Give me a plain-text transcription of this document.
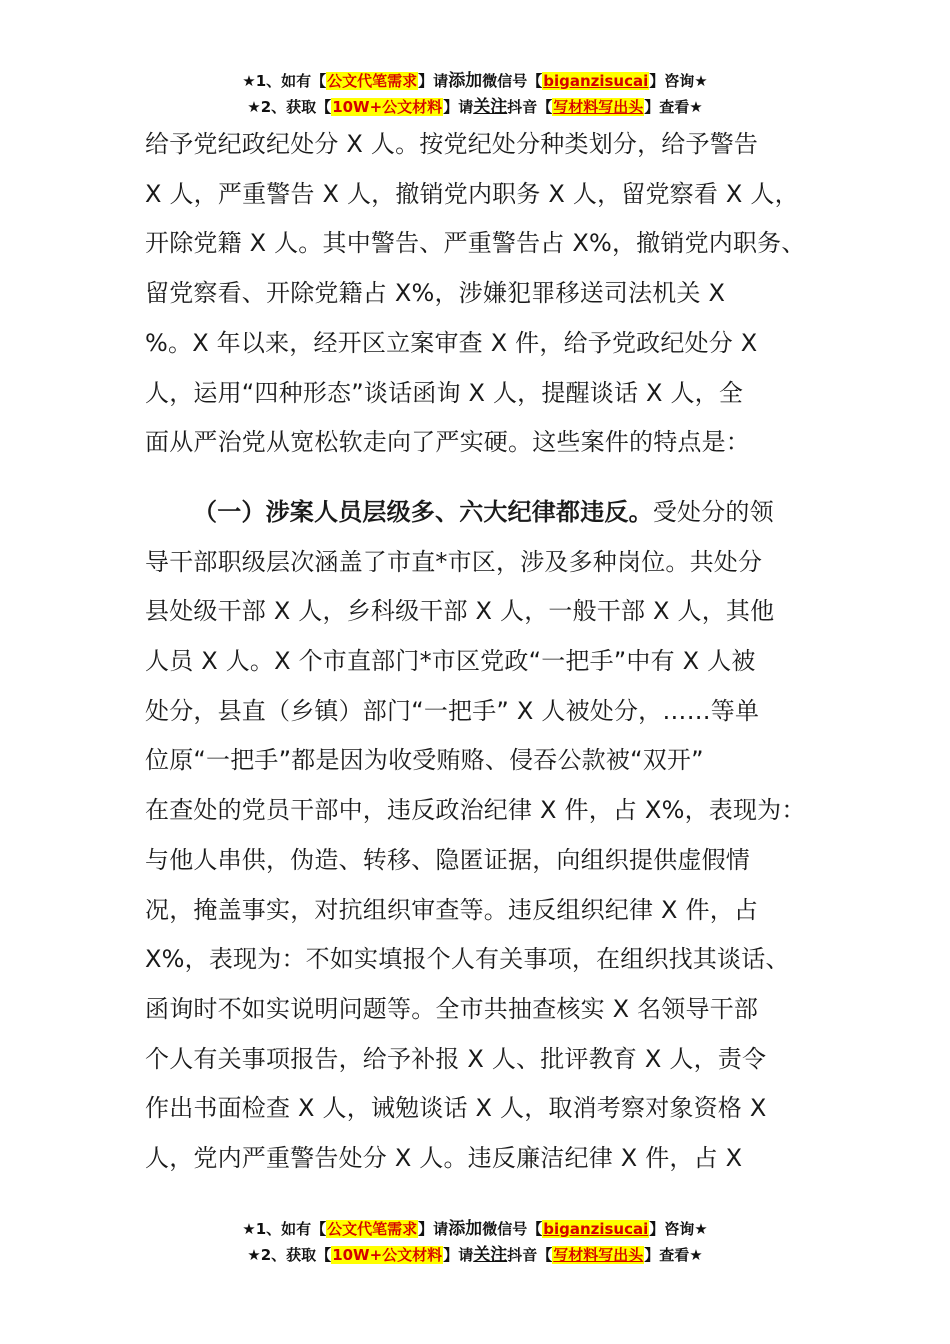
★1、如有【公文代笔需求】请添加微信号【biganzisucai】咨询★
★2、获取【10W+公文材料】请关注抖音【写材料写出头】查看★

给予党纪政纪处分 X 人。按党纪处分种类划分，给予警告
X 人，严重警告 X 人，撤销党内职务 X 人，留党察看 X 人，
开除党籍 X 人。其中警告、严重警告占 X%，撤销党内职务、
留党察看、开除党籍占 X%，涉嫌犯罪移送司法机关 X
%。X 年以来，经开区立案审查 X 件，给予党政纪处分 X
人，运用“四种形态”谈话函询 X 人，提醒谈话 X 人，全
面从严治党从宽松软走向了严实硬。这些案件的特点是：

（一）涉案人员层级多、六大纪律都违反。受处分的领

导干部职级层次涵盖了市直*市区，涉及多种岗位。共处分
县处级干部 X 人，乡科级干部 X 人，一般干部 X 人，其他
人员 X 人。X 个市直部门*市区党政“一把手”中有 X 人被
处分，县直（乡镇）部门“一把手” X 人被处分，……等单
位原“一把手”都是因为收受贿赂、侵吞公款被“双开”
在查处的党员干部中，违反政治纪律 X 件，占 X%，表现为：
与他人串供，伪造、转移、隐匿证据，向组织提供虚假情
况，掩盖事实，对抗组织审查等。违反组织纪律 X 件，占
X%，表现为：不如实填报个人有关事项，在组织找其谈话、
函询时不如实说明问题等。全市共抽查核实 X 名领导干部
个人有关事项报告，给予补报 X 人、批评教育 X 人，责令
作出书面检查 X 人，诫勉谈话 X 人，取消考察对象资格 X
人，党内严重警告处分 X 人。违反廉洁纪律 X 件，占 X

★1、如有【公文代笔需求】请添加微信号【biganzisucai】咨询★
★2、获取【10W+公文材料】请关注抖音【写材料写出头】查看★
